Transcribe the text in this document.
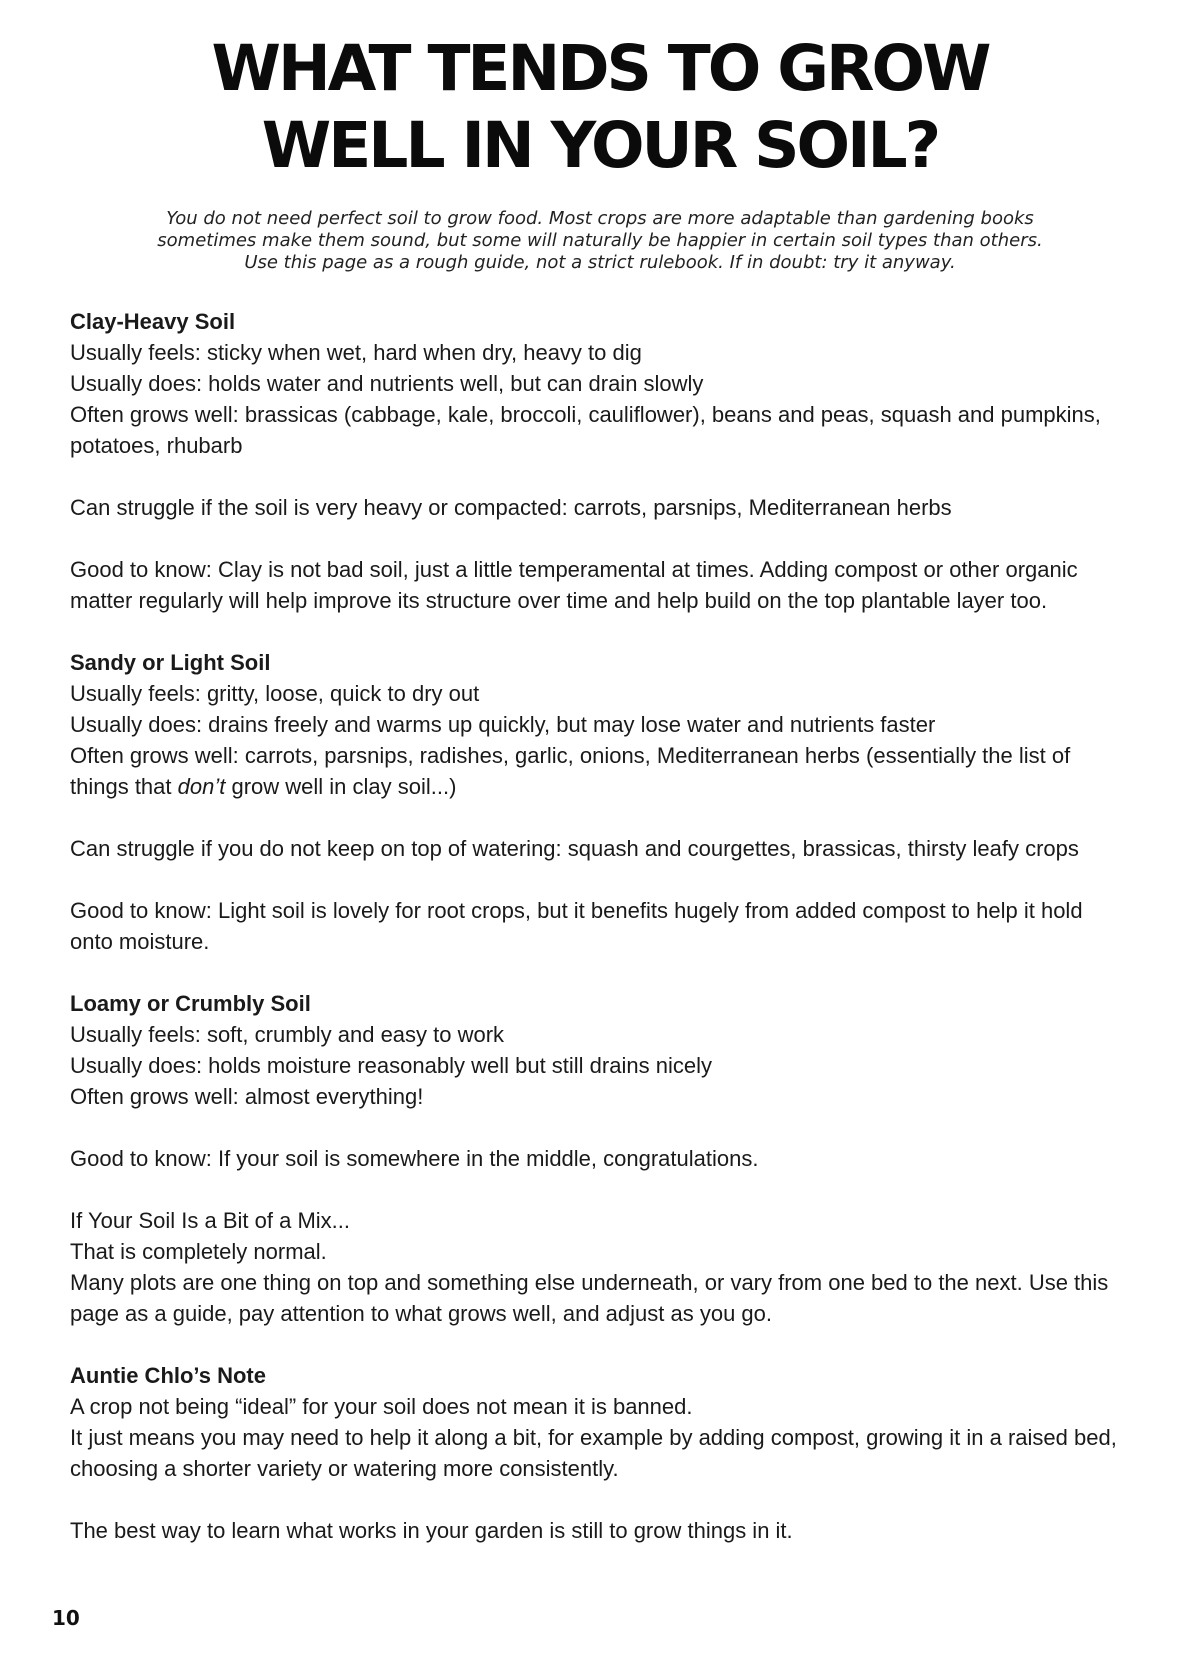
WHAT TENDS TO GROW
WELL IN YOUR SOIL?
You do not need perfect soil to grow food. Most crops are more adaptable than gardening books
sometimes make them sound, but some will naturally be happier in certain soil types than others.
Use this page as a rough guide, not a strict rulebook. If in doubt: try it anyway.
Clay-Heavy Soil
Usually feels: sticky when wet, hard when dry, heavy to dig
Usually does: holds water and nutrients well, but can drain slowly
Often grows well: brassicas (cabbage, kale, broccoli, cauliflower), beans and peas, squash and pumpkins, potatoes, rhubarb
Can struggle if the soil is very heavy or compacted: carrots, parsnips, Mediterranean herbs
Good to know: Clay is not bad soil, just a little temperamental at times. Adding compost or other organic matter regularly will help improve its structure over time and help build on the top plantable layer too.
Sandy or Light Soil
Usually feels: gritty, loose, quick to dry out
Usually does: drains freely and warms up quickly, but may lose water and nutrients faster
Often grows well: carrots, parsnips, radishes, garlic, onions, Mediterranean herbs (essentially the list of things that don’t grow well in clay soil...)
Can struggle if you do not keep on top of watering: squash and courgettes, brassicas, thirsty leafy crops
Good to know: Light soil is lovely for root crops, but it benefits hugely from added compost to help it hold onto moisture.
Loamy or Crumbly Soil
Usually feels: soft, crumbly and easy to work
Usually does: holds moisture reasonably well but still drains nicely
Often grows well: almost everything!
Good to know: If your soil is somewhere in the middle, congratulations.
If Your Soil Is a Bit of a Mix...
That is completely normal.
Many plots are one thing on top and something else underneath, or vary from one bed to the next. Use this page as a guide, pay attention to what grows well, and adjust as you go.
Auntie Chlo’s Note
A crop not being “ideal” for your soil does not mean it is banned.
It just means you may need to help it along a bit, for example by adding compost, growing it in a raised bed, choosing a shorter variety or watering more consistently.
The best way to learn what works in your garden is still to grow things in it.
10
